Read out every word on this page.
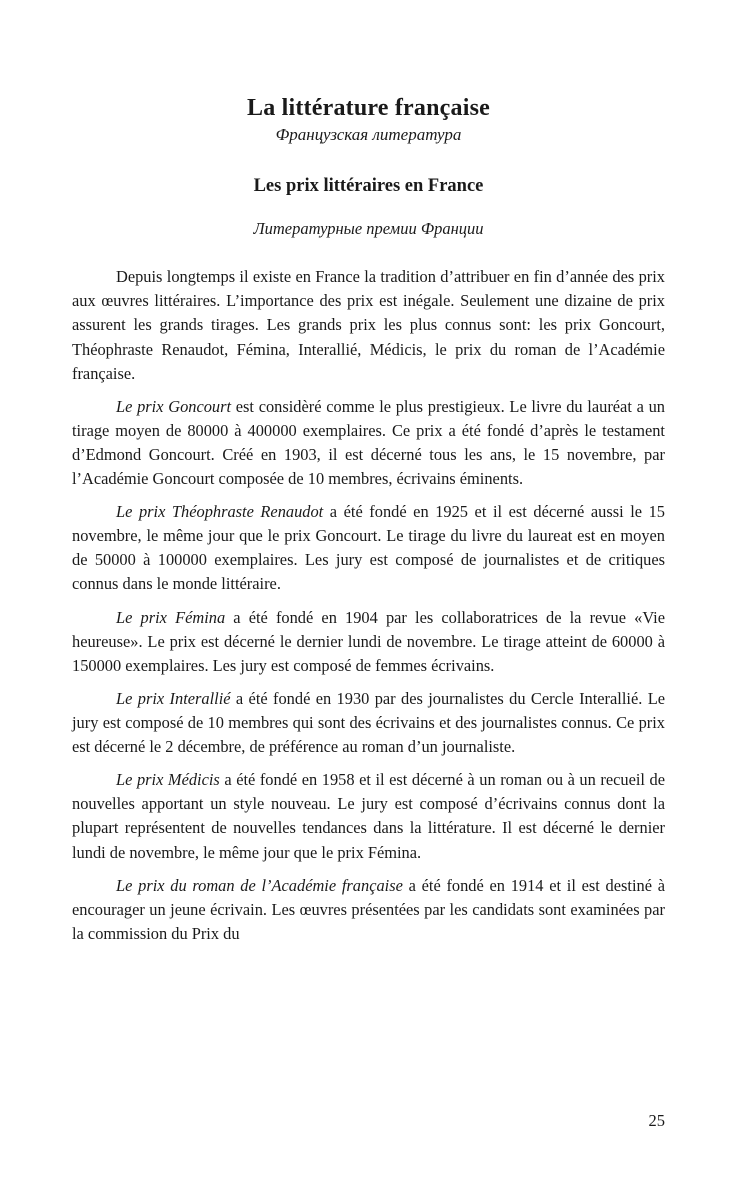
La littérature française
Французская литература
Les prix littéraires en France
Литературные премии Франции

Depuis longtemps il existe en France la tradition d’attribuer en fin d’année des prix aux œuvres littéraires. L’importance des prix est inégale. Seulement une dizaine de prix assurent les grands tirages. Les grands prix les plus connus sont: les prix Goncourt, Théophraste Renaudot, Fémina, Interallié, Médicis, le prix du roman de l’Académie française.

Le prix Goncourt est considèré comme le plus prestigieux. Le livre du lauréat a un tirage moyen de 80000 à 400000 exemplaires. Ce prix a été fondé d’après le testament d’Edmond Goncourt. Créé en 1903, il est décerné tous les ans, le 15 novembre, par l’Académie Goncourt composée de 10 membres, écrivains éminents.

Le prix Théophraste Renaudot a été fondé en 1925 et il est décerné aussi le 15 novembre, le même jour que le prix Goncourt. Le tirage du livre du laureat est en moyen de 50000 à 100000 exemplaires. Les jury est composé de journalistes et de critiques connus dans le monde littéraire.

Le prix Fémina a été fondé en 1904 par les collaboratrices de la revue «Vie heureuse». Le prix est décerné le dernier lundi de novembre. Le tirage atteint de 60000 à 150000 exemplaires. Les jury est composé de femmes écrivains.

Le prix Interallié a été fondé en 1930 par des journalistes du Cercle Interallié. Le jury est composé de 10 membres qui sont des écrivains et des journalistes connus. Ce prix est décerné le 2 décembre, de préférence au roman d’un journaliste.

Le prix Médicis a été fondé en 1958 et il est décerné à un roman ou à un recueil de nouvelles apportant un style nouveau. Le jury est composé d’écrivains connus dont la plupart représentent de nouvelles tendances dans la littérature. Il est décerné le dernier lundi de novembre, le même jour que le prix Fémina.

Le prix du roman de l’Académie française a été fondé en 1914 et il est destiné à encourager un jeune écrivain. Les œuvres présentées par les candidats sont examinées par la commission du Prix du

25
